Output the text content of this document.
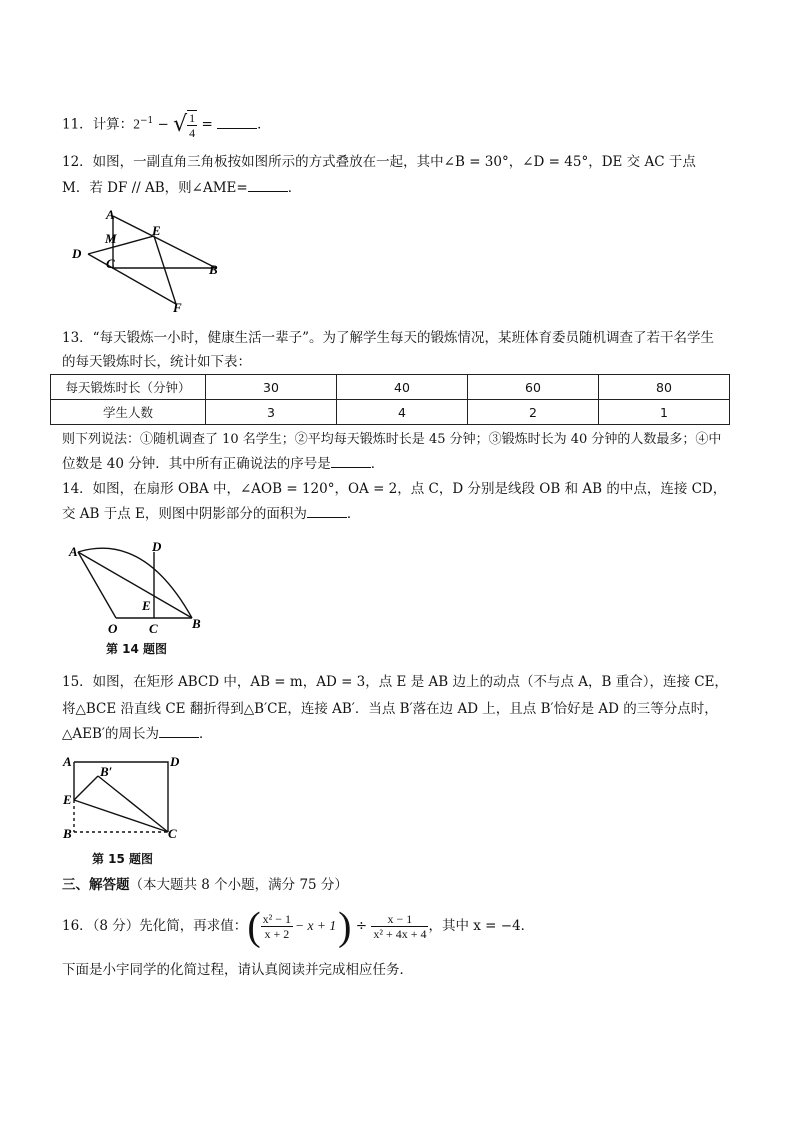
11．计算：$2^{-1}$ − √ $\frac{1}{4}$ =	．
12．如图，一副直角三角板按如图所示的方式叠放在一起，其中∠B = 30°，∠D = 45°，DE 交 AC 于点
M．若 DF // AB，则∠AME=	．
A
M
E
D
C	B
F
13．“每天锻炼一小时，健康生活一辈子”。为了解学生每天的锻炼情况，某班体育委员随机调查了若干名学生
的每天锻炼时长，统计如下表：
每天锻炼时长（分钟）	30	40	60	80
学生人数	3	4	2	1
则下列说法：①随机调查了 10 名学生；②平均每天锻炼时长是 45 分钟；③锻炼时长为 40 分钟的人数最多；④中
位数是 40 分钟．其中所有正确说法的序号是	．
14．如图，在扇形 OBA 中，∠AOB = 120°，OA = 2，点 C，D 分别是线段 OB 和 AB 的中点，连接 CD，
交 AB 于点 E，则图中阴影部分的面积为	．
A	D
E
O C	B
第 14 题图
15．如图，在矩形 ABCD 中，AB = m，AD = 3，点 E 是 AB 边上的动点（不与点 A，B 重合），连接 CE，
将△BCE 沿直线 CE 翻折得到△B′CE，连接 AB′．当点 B′落在边 AD 上，且点 B′恰好是 AD 的三等分点时，
△AEB′的周长为	．
A
B′
D
E
B	C
第 15 题图
三、解答题（本大题共 8 个小题，满分 75 分）
16．（8 分）先化简，再求值：( $\frac{\text{x² − 1}}{x + 2} - x + 1) \div \frac{x - 1}{\text{x² + 4x + 4}}$ ，其中 x = −4．
下面是小宇同学的化简过程，请认真阅读并完成相应任务．
